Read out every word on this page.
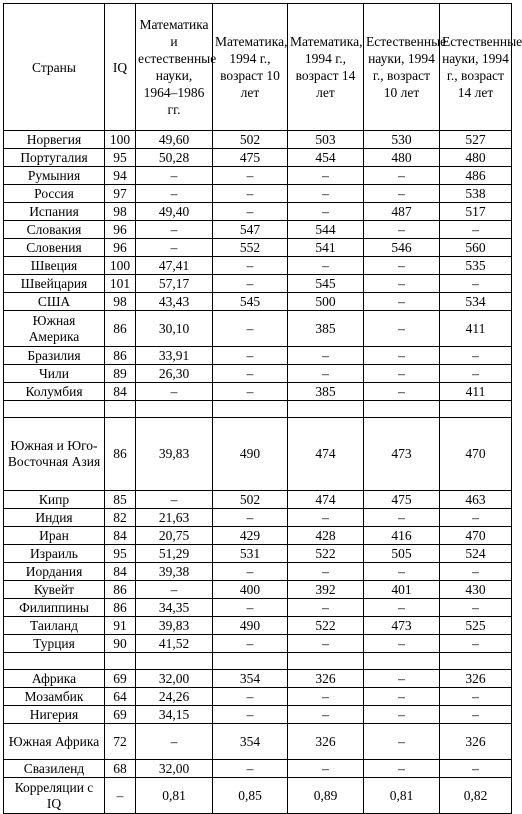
Страны	IQ	Математика и естественные науки, 1964–1986 гг.	Математика, 1994 г., возраст 10 лет	Математика, 1994 г., возраст 14 лет	Естественные науки, 1994 г., возраст 10 лет	Естественные науки, 1994 г., возраст 14 лет
Норвегия	100	49,60	502	503	530	527
Португалия	95	50,28	475	454	480	480
Румыния	94	–	–	–	–	486
Россия	97	–	–	–	–	538
Испания	98	49,40	–	–	487	517
Словакия	96	–	547	544	–	–
Словения	96	–	552	541	546	560
Швеция	100	47,41	–	–	–	535
Швейцария	101	57,17	–	545	–	–
США	98	43,43	545	500	–	534
Южная Америка	86	30,10	–	385	–	411
Бразилия	86	33,91	–	–	–	–
Чили	89	26,30	–	–	–	–
Колумбия	84	–	–	385	–	411

Южная и Юго-Восточная Азия	86	39,83	490	474	473	470
Кипр	85	–	502	474	475	463
Индия	82	21,63	–	–	–	–
Иран	84	20,75	429	428	416	470
Израиль	95	51,29	531	522	505	524
Иордания	84	39,38	–	–	–	–
Кувейт	86	–	400	392	401	430
Филиппины	86	34,35	–	–	–	–
Таиланд	91	39,83	490	522	473	525
Турция	90	41,52	–	–	–	–

Африка	69	32,00	354	326	–	326
Мозамбик	64	24,26	–	–	–	–
Нигерия	69	34,15	–	–	–	–
Южная Африка	72	–	354	326	–	326
Свазиленд	68	32,00	–	–	–	–
Корреляции с IQ	–	0,81	0,85	0,89	0,81	0,82
